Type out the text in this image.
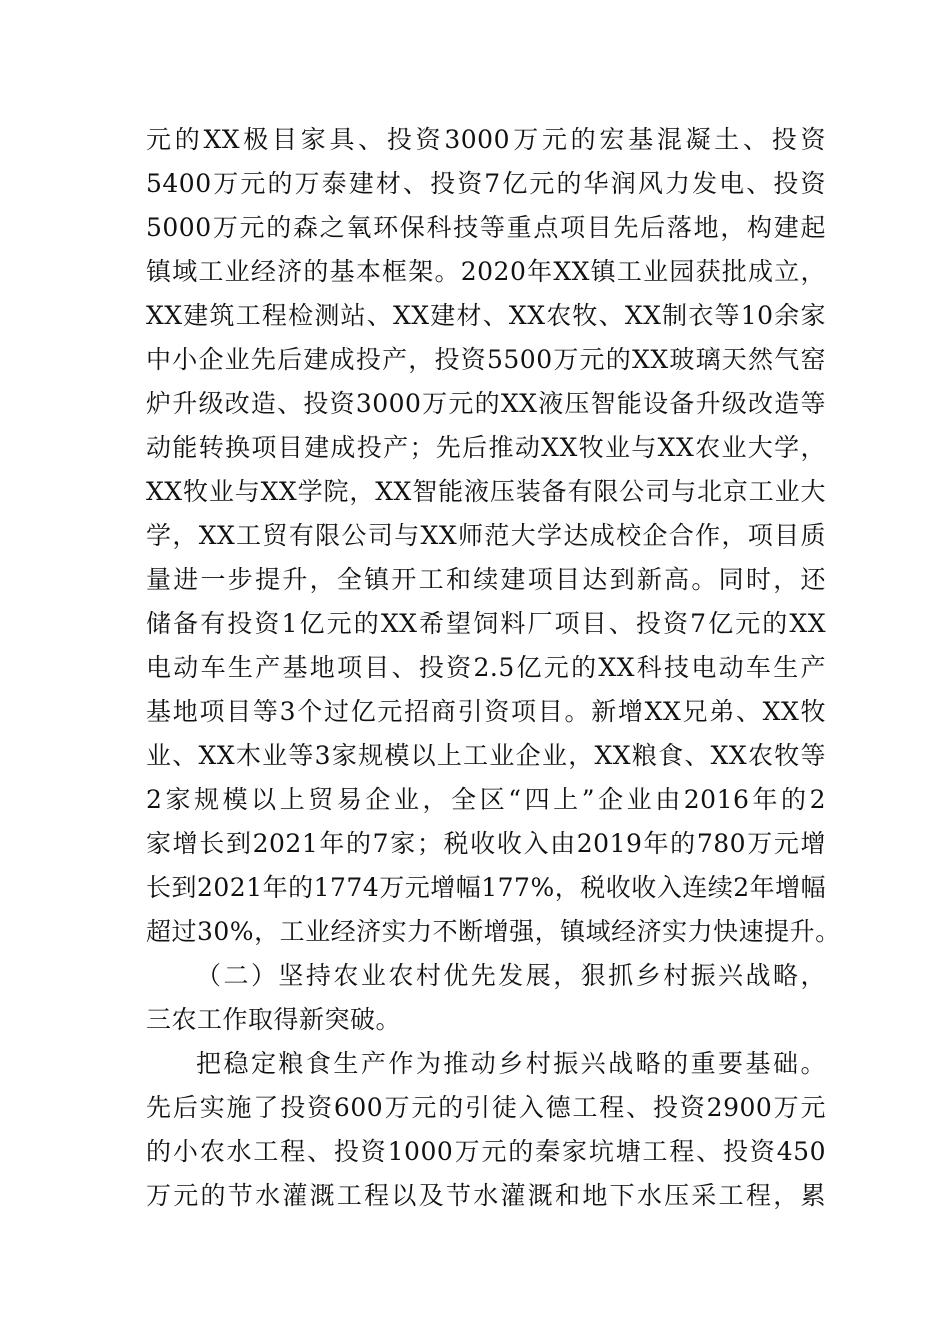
元的XX极目家具、投资3000万元的宏基混凝土、投资
5400万元的万泰建材、投资7亿元的华润风力发电、投资
5000万元的森之氧环保科技等重点项目先后落地，构建起
镇域工业经济的基本框架。2020年XX镇工业园获批成立，
XX建筑工程检测站、XX建材、XX农牧、XX制衣等10余家
中小企业先后建成投产，投资5500万元的XX玻璃天然气窑
炉升级改造、投资3000万元的XX液压智能设备升级改造等
动能转换项目建成投产；先后推动XX牧业与XX农业大学，
XX牧业与XX学院，XX智能液压装备有限公司与北京工业大
学，XX工贸有限公司与XX师范大学达成校企合作，项目质
量进一步提升，全镇开工和续建项目达到新高。同时，还
储备有投资1亿元的XX希望饲料厂项目、投资7亿元的XX
电动车生产基地项目、投资2.5亿元的XX科技电动车生产
基地项目等3个过亿元招商引资项目。新增XX兄弟、XX牧
业、XX木业等3家规模以上工业企业，XX粮食、XX农牧等
2家规模以上贸易企业，全区“四上”企业由2016年的2
家增长到2021年的7家；税收收入由2019年的780万元增
长到2021年的1774万元增幅177%，税收收入连续2年增幅
超过30%，工业经济实力不断增强，镇域经济实力快速提升。
（二）坚持农业农村优先发展，狠抓乡村振兴战略，
三农工作取得新突破。
把稳定粮食生产作为推动乡村振兴战略的重要基础。
先后实施了投资600万元的引徒入德工程、投资2900万元
的小农水工程、投资1000万元的秦家坑塘工程、投资450
万元的节水灌溉工程以及节水灌溉和地下水压采工程，累
